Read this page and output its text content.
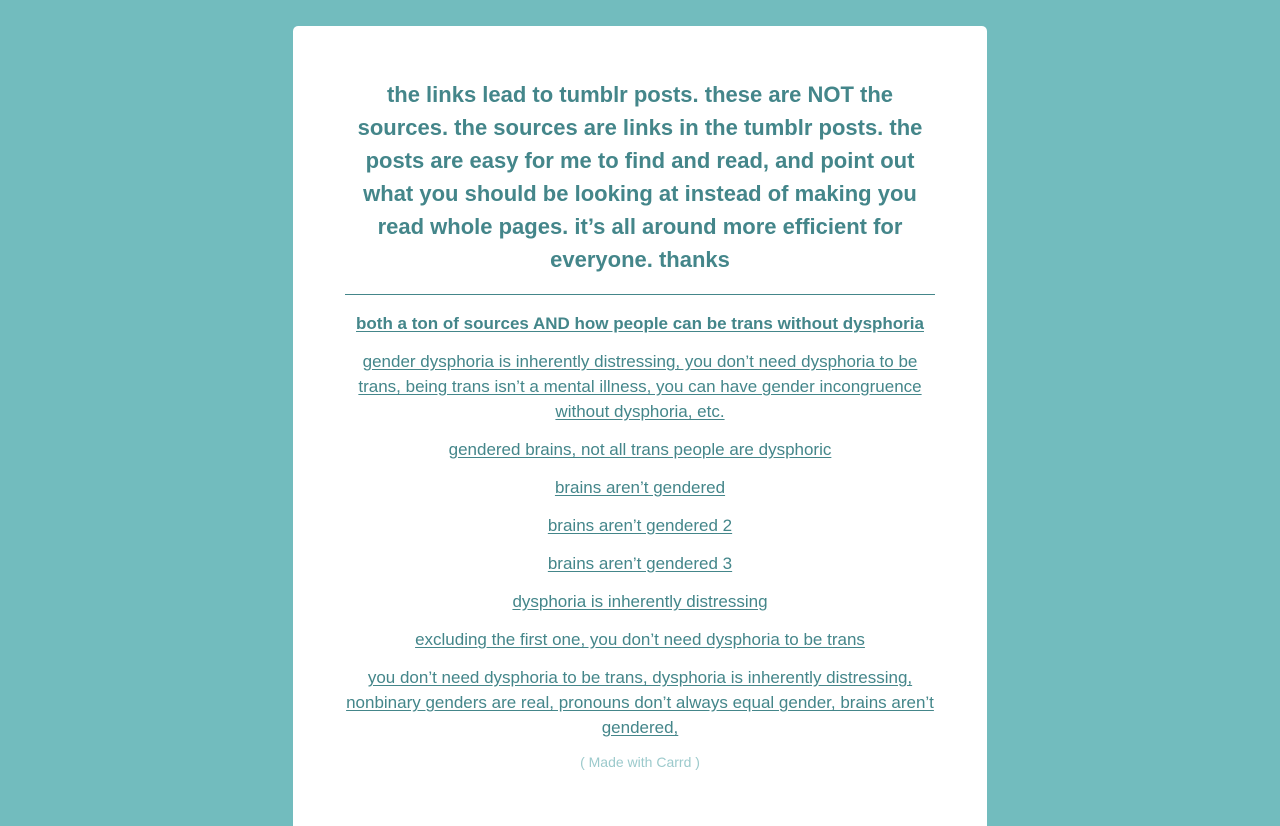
the links lead to tumblr posts. these are NOT the sources. the sources are links in the tumblr posts. the posts are easy for me to find and read, and point out what you should be looking at instead of making you read whole pages. it’s all around more efficient for everyone. thanks
both a ton of sources AND how people can be trans without dysphoria
gender dysphoria is inherently distressing, you don’t need dysphoria to be trans, being trans isn’t a mental illness, you can have gender incongruence without dysphoria, etc.
gendered brains, not all trans people are dysphoric
brains aren’t gendered
brains aren’t gendered 2
brains aren’t gendered 3
dysphoria is inherently distressing
excluding the first one, you don’t need dysphoria to be trans
you don’t need dysphoria to be trans, dysphoria is inherently distressing, nonbinary genders are real, pronouns don’t always equal gender, brains aren’t gendered,
( Made with Carrd )
